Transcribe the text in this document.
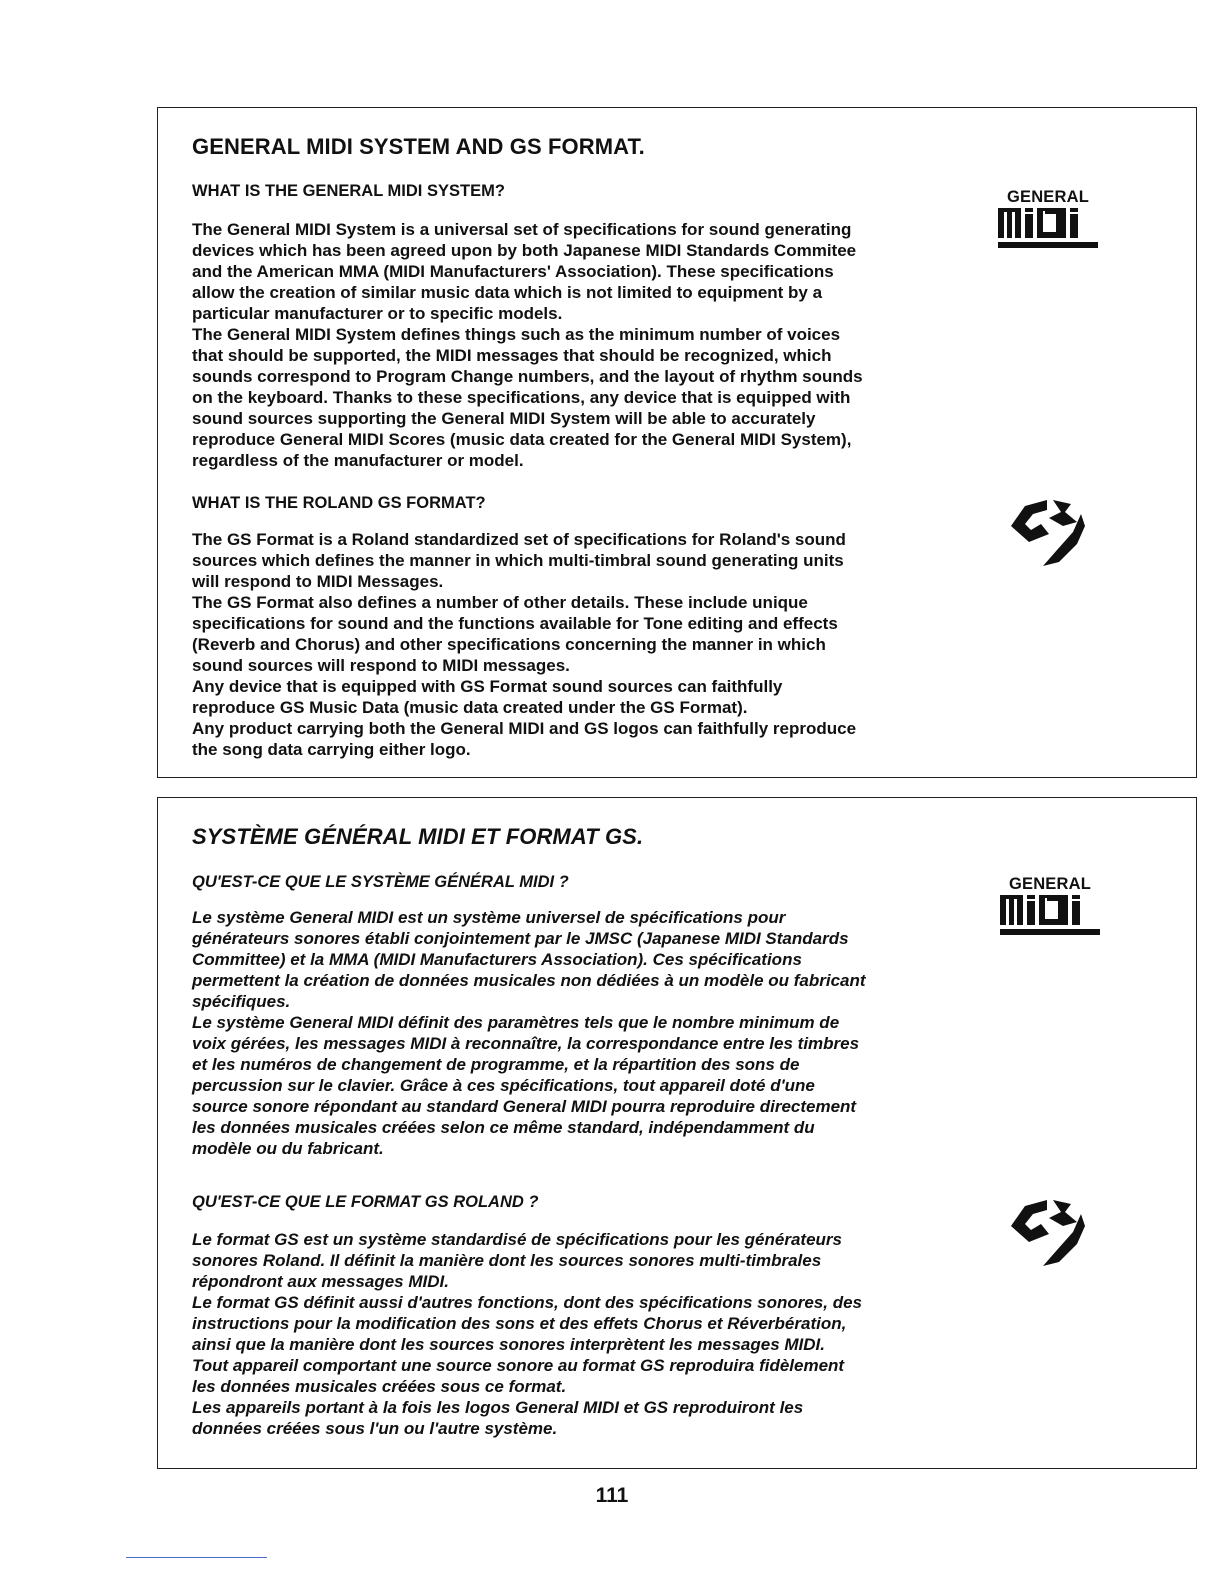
GENERAL MIDI SYSTEM AND GS FORMAT.
WHAT IS THE GENERAL MIDI SYSTEM?

The General MIDI System is a universal set of specifications for sound generating
devices which has been agreed upon by both Japanese MIDI Standards Commitee
and the American MMA (MIDI Manufacturers' Association). These specifications
allow the creation of similar music data which is not limited to equipment by a
particular manufacturer or to specific models.
The General MIDI System defines things such as the minimum number of voices
that should be supported, the MIDI messages that should be recognized, which
sounds correspond to Program Change numbers, and the layout of rhythm sounds
on the keyboard. Thanks to these specifications, any device that is equipped with
sound sources supporting the General MIDI System will be able to accurately
reproduce General MIDI Scores (music data created for the General MIDI System),
regardless of the manufacturer or model.

WHAT IS THE ROLAND GS FORMAT?

The GS Format is a Roland standardized set of specifications for Roland's sound
sources which defines the manner in which multi-timbral sound generating units
will respond to MIDI Messages.
The GS Format also defines a number of other details. These include unique
specifications for sound and the functions available for Tone editing and effects
(Reverb and Chorus) and other specifications concerning the manner in which
sound sources will respond to MIDI messages.
Any device that is equipped with GS Format sound sources can faithfully
reproduce GS Music Data (music data created under the GS Format).
Any product carrying both the General MIDI and GS logos can faithfully reproduce
the song data carrying either logo.

GENERAL
SYSTÈME GÉNÉRAL MIDI ET FORMAT GS.
QU'EST-CE QUE LE SYSTÈME GÉNÉRAL MIDI ?

Le système General MIDI est un système universel de spécifications pour
générateurs sonores établi conjointement par le JMSC (Japanese MIDI Standards
Committee) et la MMA (MIDI Manufacturers Association). Ces spécifications
permettent la création de données musicales non dédiées à un modèle ou fabricant
spécifiques.
Le système General MIDI définit des paramètres tels que le nombre minimum de
voix gérées, les messages MIDI à reconnaître, la correspondance entre les timbres
et les numéros de changement de programme, et la répartition des sons de
percussion sur le clavier. Grâce à ces spécifications, tout appareil doté d'une
source sonore répondant au standard General MIDI pourra reproduire directement
les données musicales créées selon ce même standard, indépendamment du
modèle ou du fabricant.

QU'EST-CE QUE LE FORMAT GS ROLAND ?

Le format GS est un système standardisé de spécifications pour les générateurs
sonores Roland. Il définit la manière dont les sources sonores multi-timbrales
répondront aux messages MIDI.
Le format GS définit aussi d'autres fonctions, dont des spécifications sonores, des
instructions pour la modification des sons et des effets Chorus et Réverbération,
ainsi que la manière dont les sources sonores interprètent les messages MIDI.
Tout appareil comportant une source sonore au format GS reproduira fidèlement
les données musicales créées sous ce format.
Les appareils portant à la fois les logos General MIDI et GS reproduiront les
données créées sous l'un ou l'autre système.

GENERAL

111
